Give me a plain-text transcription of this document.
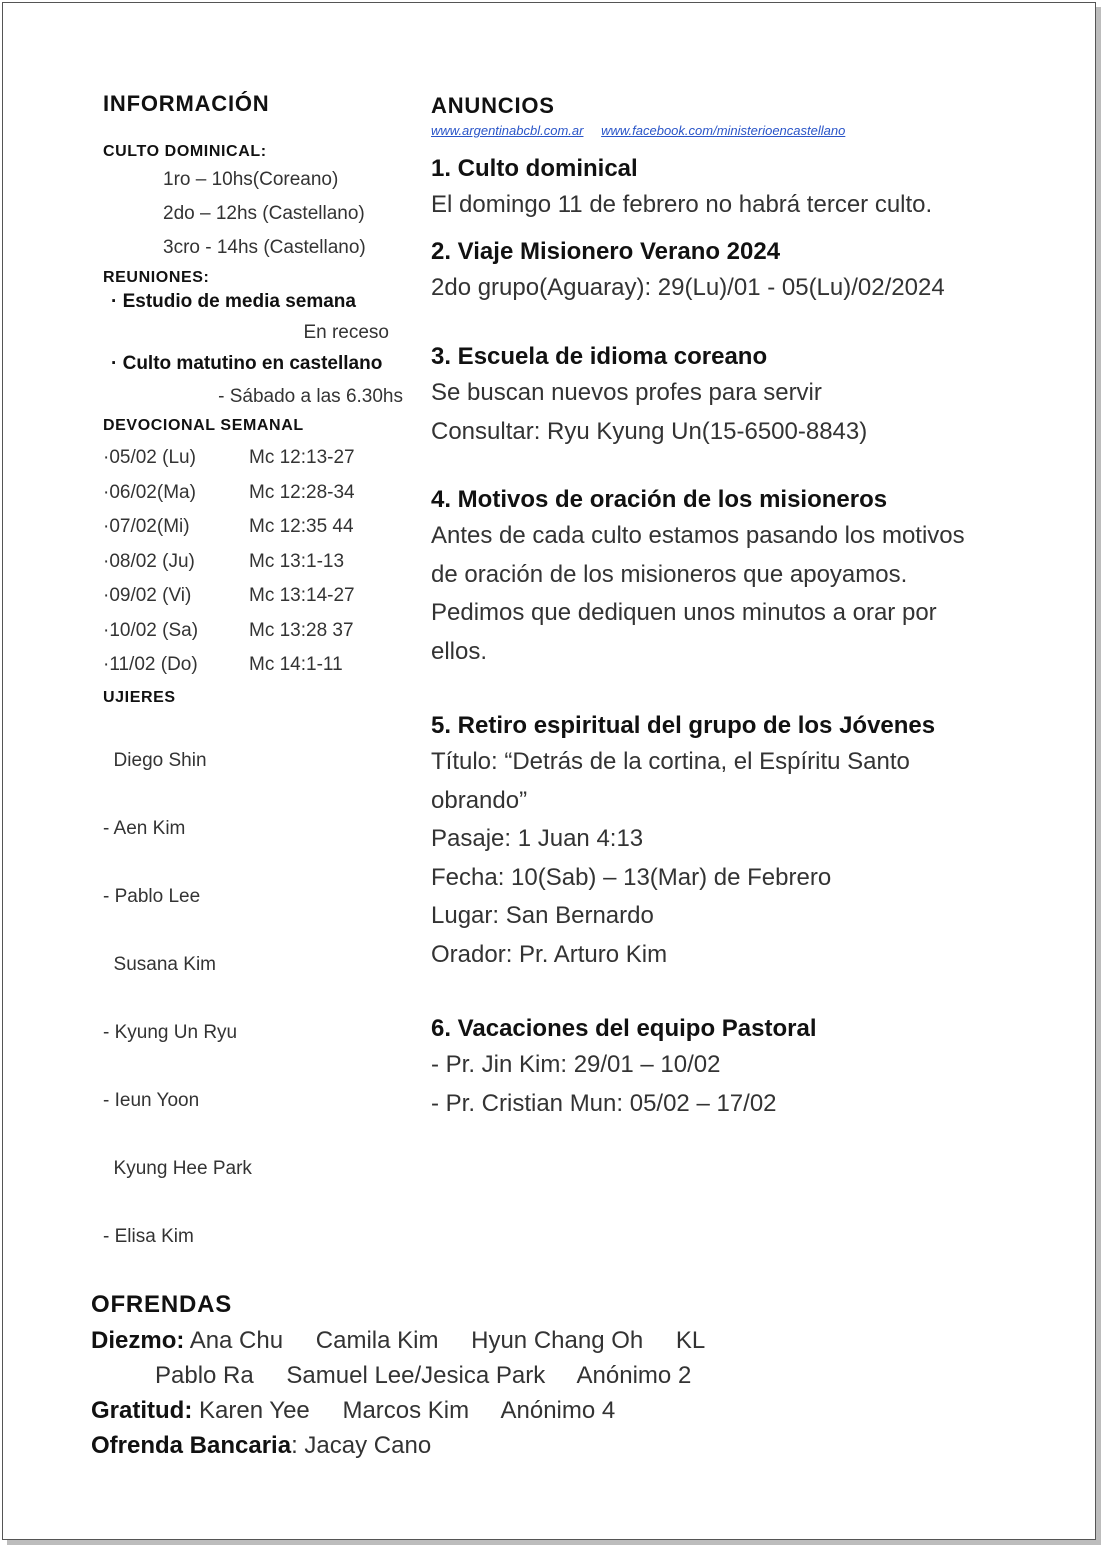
INFORMACIÓN
CULTO DOMINICAL:
1ro – 10hs(Coreano)
2do – 12hs (Castellano)
3cro - 14hs (Castellano)
REUNIONES:
· Estudio de media semana
En receso
· Culto matutino en castellano
- Sábado a las 6.30hs
DEVOCIONAL SEMANAL
·05/02 (Lu)	Mc 12:13-27
·06/02(Ma)	Mc 12:28-34
·07/02(Mi)	Mc 12:35 44
·08/02 (Ju)	Mc 13:1-13
·09/02 (Vi)	Mc 13:14-27
·10/02 (Sa)	Mc 13:28 37
·11/02 (Do)	Mc 14:1-11
UJIERES

Diego Shin

- Aen Kim

- Pablo Lee

Susana Kim

- Kyung Un Ryu

- Ieun Yoon

Kyung Hee Park

- Elisa Kim

ANUNCIOS
www.argentinabcbl.com.ar www.facebook.com/ministerioencastellano
1. Culto dominical
El domingo 11 de febrero no habrá tercer culto.
2. Viaje Misionero Verano 2024
2do grupo(Aguaray): 29(Lu)/01 - 05(Lu)/02/2024
3. Escuela de idioma coreano
Se buscan nuevos profes para servir
Consultar: Ryu Kyung Un(15-6500-8843)
4. Motivos de oración de los misioneros
Antes de cada culto estamos pasando los motivos
de oración de los misioneros que apoyamos.
Pedimos que dediquen unos minutos a orar por
ellos.
5. Retiro espiritual del grupo de los Jóvenes
Título: “Detrás de la cortina, el Espíritu Santo
obrando”
Pasaje: 1 Juan 4:13
Fecha: 10(Sab) – 13(Mar) de Febrero
Lugar: San Bernardo
Orador: Pr. Arturo Kim
6. Vacaciones del equipo Pastoral
- Pr. Jin Kim: 29/01 – 10/02
- Pr. Cristian Mun: 05/02 – 17/02
OFRENDAS
Diezmo: Ana Chu Camila Kim Hyun Chang Oh KL
Pablo Ra Samuel Lee/Jesica Park Anónimo 2
Gratitud: Karen Yee Marcos Kim Anónimo 4
Ofrenda Bancaria: Jacay Cano
